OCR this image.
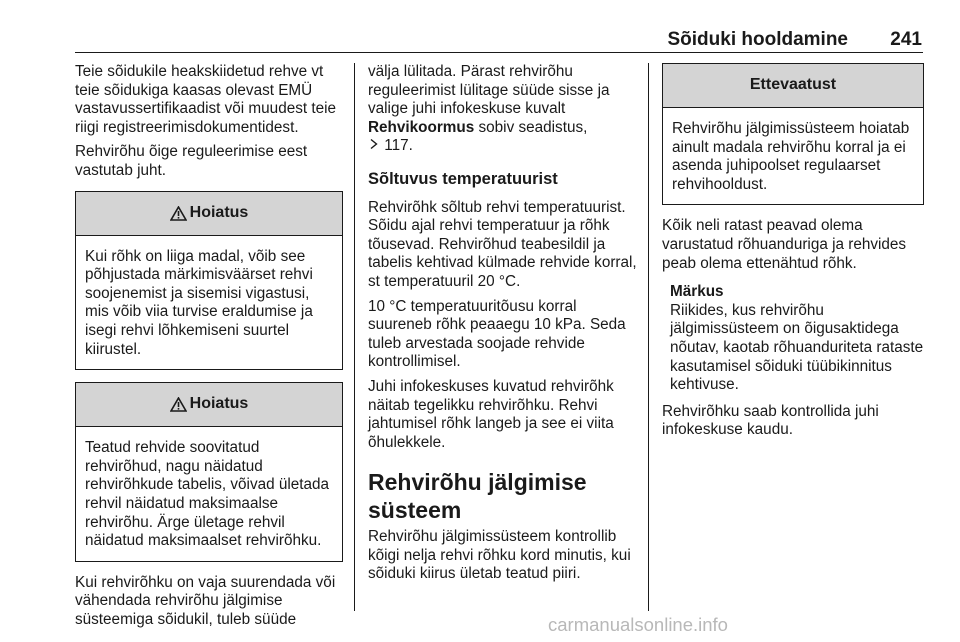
Sõiduki hooldamine 241

Teie sõidukile heakskiidetud rehve vt teie sõidukiga kaasas olevast EMÜ vastavussertifikaadist või muudest teie riigi registreerimisdokumentidest.

Rehvirõhu õige reguleerimise eest vastutab juht.

Hoiatus
Kui rõhk on liiga madal, võib see põhjustada märkimisväärset rehvi soojenemist ja sisemisi vigastusi, mis võib viia turvise eraldumise ja isegi rehvi lõhkemiseni suurtel kiirustel.
Hoiatus
Teatud rehvide soovitatud rehvirõhud, nagu näidatud rehvirõhkude tabelis, võivad ületada rehvil näidatud maksimaalse rehvirõhu. Ärge ületage rehvil näidatud maksimaalset rehvirõhku.

Kui rehvirõhku on vaja suurendada või vähendada rehvirõhu jälgimise süsteemiga sõidukil, tuleb süüde

välja lülitada. Pärast rehvirõhu reguleerimist lülitage süüde sisse ja valige juhi infokeskuse kuvalt Rehvikoormus sobiv seadistus,
117.

Sõltuvus temperatuurist

Rehvirõhk sõltub rehvi temperatuurist. Sõidu ajal rehvi temperatuur ja rõhk tõusevad. Rehvirõhud teabesildil ja tabelis kehtivad külmade rehvide korral, st temperatuuril 20 °C.

10 °C temperatuuritõusu korral suureneb rõhk peaaegu 10 kPa. Seda tuleb arvestada soojade rehvide kontrollimisel.

Juhi infokeskuses kuvatud rehvirõhk näitab tegelikku rehvirõhku. Rehvi jahtumisel rõhk langeb ja see ei viita õhulekkele.

Rehvirõhu jälgimise süsteem

Rehvirõhu jälgimissüsteem kontrollib kõigi nelja rehvi rõhku kord minutis, kui sõiduki kiirus ületab teatud piiri.

Ettevaatust
Rehvirõhu jälgimissüsteem hoiatab ainult madala rehvirõhu korral ja ei asenda juhipoolset regulaarset rehvihooldust.

Kõik neli ratast peavad olema varustatud rõhuanduriga ja rehvides peab olema ettenähtud rõhk.

Märkus
Riikides, kus rehvirõhu jälgimissüsteem on õigusaktidega nõutav, kaotab rõhuanduriteta rataste kasutamisel sõiduki tüübikinnitus kehtivuse.

Rehvirõhku saab kontrollida juhi infokeskuse kaudu.

carmanualsonline.info
